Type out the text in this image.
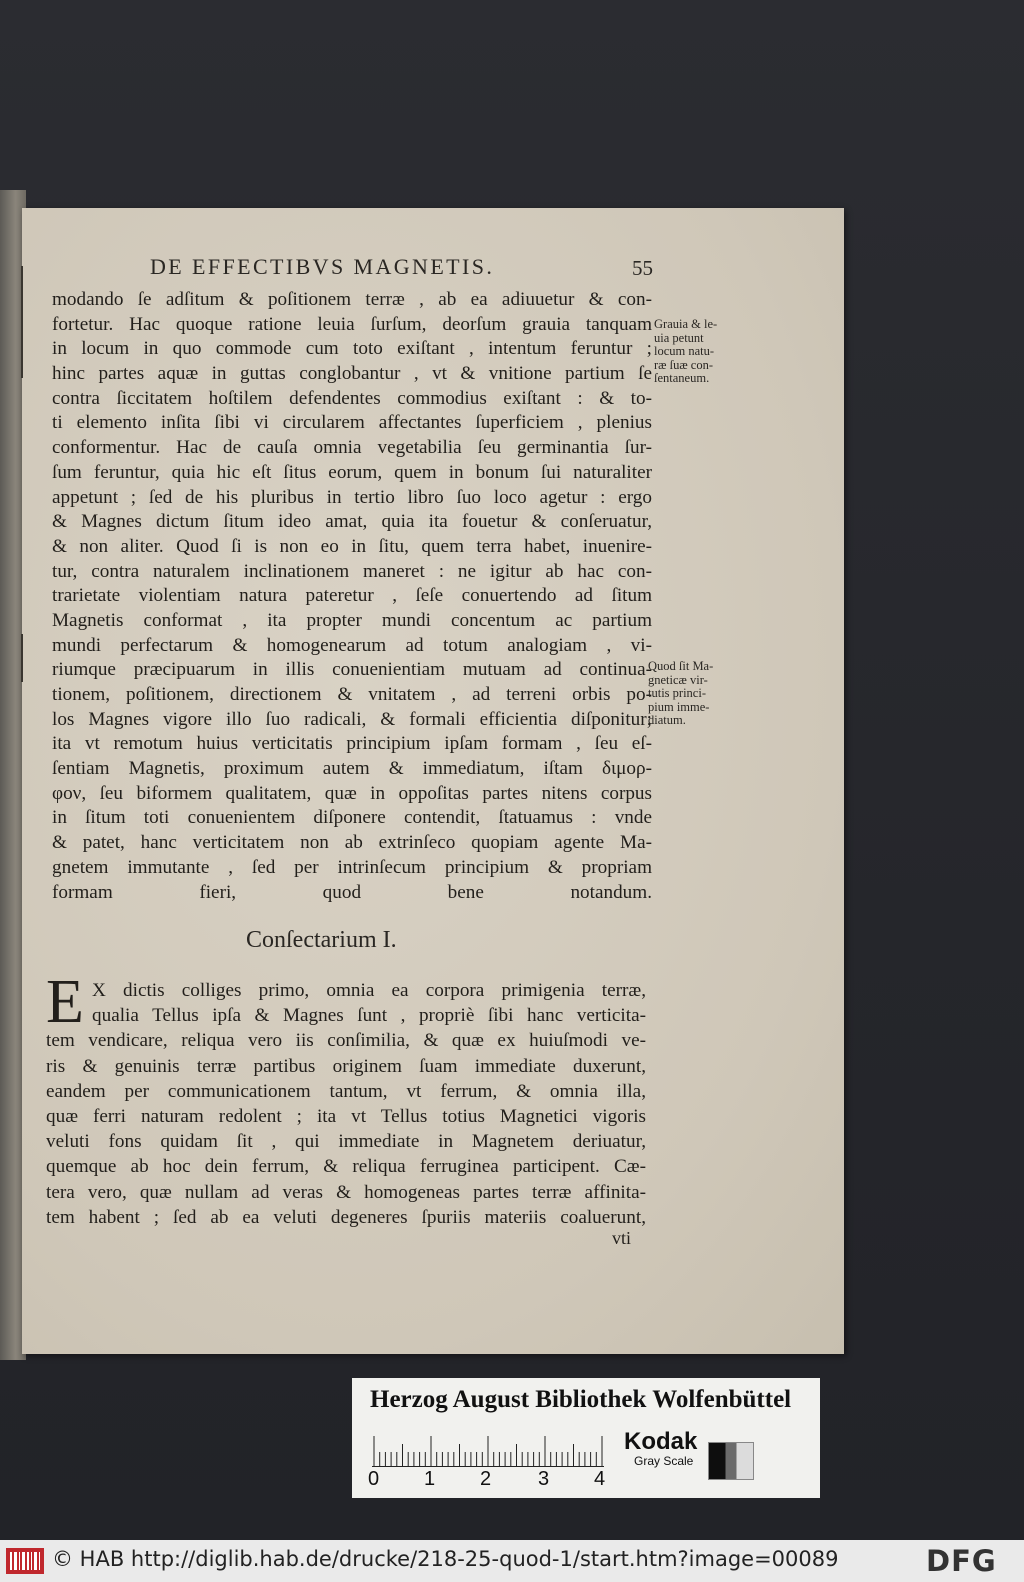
DE EFFECTIBVS MAGNETIS.	55
modando ſe adſitum & poſitionem terræ , ab ea adiuuetur & con-
fortetur. Hac quoque ratione leuia ſurſum, deorſum grauia tanquam
in locum in quo commode cum toto exiſtant , intentum feruntur ;
hinc partes aquæ in guttas conglobantur , vt & vnitione partium ſe
contra ſiccitatem hoſtilem defendentes commodius exiſtant : & to-
ti elemento inſita ſibi vi circularem affectantes ſuperficiem , plenius
conformentur. Hac de cauſa omnia vegetabilia ſeu germinantia ſur-
ſum feruntur, quia hic eſt ſitus eorum, quem in bonum ſui naturaliter
appetunt ; ſed de his pluribus in tertio libro ſuo loco agetur : ergo
& Magnes dictum ſitum ideo amat, quia ita fouetur & conſeruatur,
& non aliter. Quod ſi is non eo in ſitu, quem terra habet, inuenire-
tur, contra naturalem inclinationem maneret : ne igitur ab hac con-
trarietate violentiam natura pateretur , ſeſe conuertendo ad ſitum
Magnetis conformat , ita propter mundi concentum ac partium
mundi perfectarum & homogenearum ad totum analogiam , vi-
riumque præcipuarum in illis conuenientiam mutuam ad continua-
tionem, poſitionem, directionem & vnitatem , ad terreni orbis po-
los Magnes vigore illo ſuo radicali, & formali efficientia diſponitur;
ita vt remotum huius verticitatis principium ipſam formam , ſeu eſ-
ſentiam Magnetis, proximum autem & immediatum, iſtam διμορ-
φον, ſeu biformem qualitatem, quæ in oppoſitas partes nitens corpus
in ſitum toti conuenientem diſponere contendit, ſtatuamus : vnde
& patet, hanc verticitatem non ab extrinſeco quopiam agente Ma-
gnetem immutante , ſed per intrinſecum principium & propriam
formam fieri, quod bene notandum.
Grauia & le-
uia petunt
locum natu-
ræ ſuæ con-
ſentaneum.
Quod ſit Ma-
gneticæ vir-
tutis princi-
pium imme-
diatum.
Conſectarium I.
E X dictis colliges primo, omnia ea corpora primigenia terræ,
qualia Tellus ipſa & Magnes ſunt , propriè ſibi hanc verticita-
tem vendicare, reliqua vero iis conſimilia, & quæ ex huiuſmodi ve-
ris & genuinis terræ partibus originem ſuam immediate duxerunt,
eandem per communicationem tantum, vt ferrum, & omnia illa,
quæ ferri naturam redolent ; ita vt Tellus totius Magnetici vigoris
veluti fons quidam ſit , qui immediate in Magnetem deriuatur,
quemque ab hoc dein ferrum, & reliqua ferruginea participent. Cæ-
tera vero, quæ nullam ad veras & homogeneas partes terræ affinita-
tem habent ; ſed ab ea veluti degeneres ſpuriis materiis coaluerunt,
vti
Herzog August Bibliothek Wolfenbüttel
0 1 2 3 4
Kodak
Gray Scale
© HAB http://diglib.hab.de/drucke/218-25-quod-1/start.htm?image=00089	DFG
